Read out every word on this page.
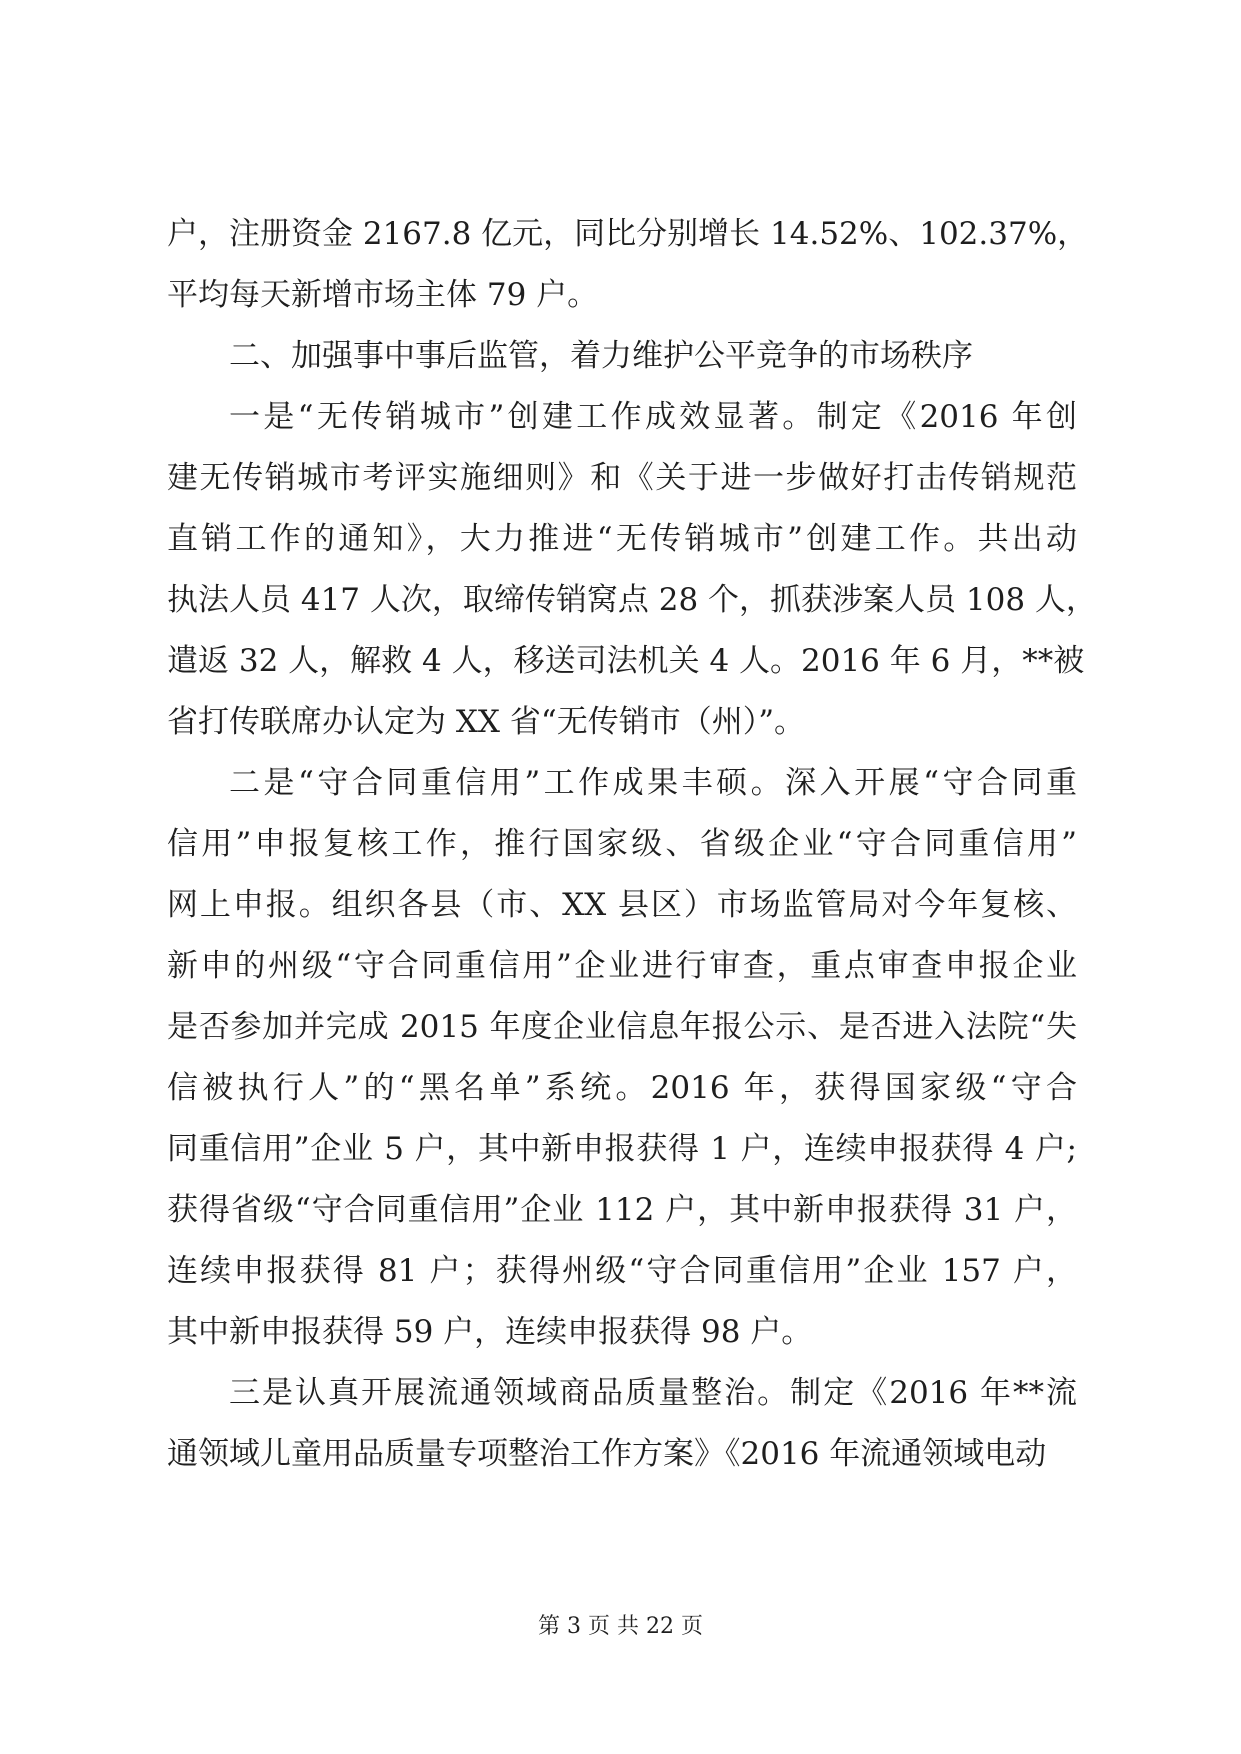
户，注册资金 2167.8 亿元，同比分别增长 14.52%、102.37%，
平均每天新增市场主体 79 户。
二、加强事中事后监管，着力维护公平竞争的市场秩序
一是“无传销城市”创建工作成效显著。制定《2016 年创
建无传销城市考评实施细则》和《关于进一步做好打击传销规范
直销工作的通知》，大力推进“无传销城市”创建工作。共出动
执法人员 417 人次，取缔传销窝点 28 个，抓获涉案人员 108 人，
遣返 32 人，解救 4 人，移送司法机关 4 人。2016 年 6 月，**被
省打传联席办认定为 XX 省“无传销市（州）”。
二是“守合同重信用”工作成果丰硕。深入开展“守合同重
信用”申报复核工作，推行国家级、省级企业“守合同重信用”
网上申报。组织各县（市、XX 县区）市场监管局对今年复核、
新申的州级“守合同重信用”企业进行审查，重点审查申报企业
是否参加并完成 2015 年度企业信息年报公示、是否进入法院“失
信被执行人”的“黑名单”系统。2016 年，获得国家级“守合
同重信用”企业 5 户，其中新申报获得 1 户，连续申报获得 4 户;
获得省级“守合同重信用”企业 112 户，其中新申报获得 31 户，
连续申报获得 81 户；获得州级“守合同重信用”企业 157 户，
其中新申报获得 59 户，连续申报获得 98 户。
三是认真开展流通领域商品质量整治。制定《2016 年**流
通领域儿童用品质量专项整治工作方案》《2016 年流通领域电动
第 3 页 共 22 页
